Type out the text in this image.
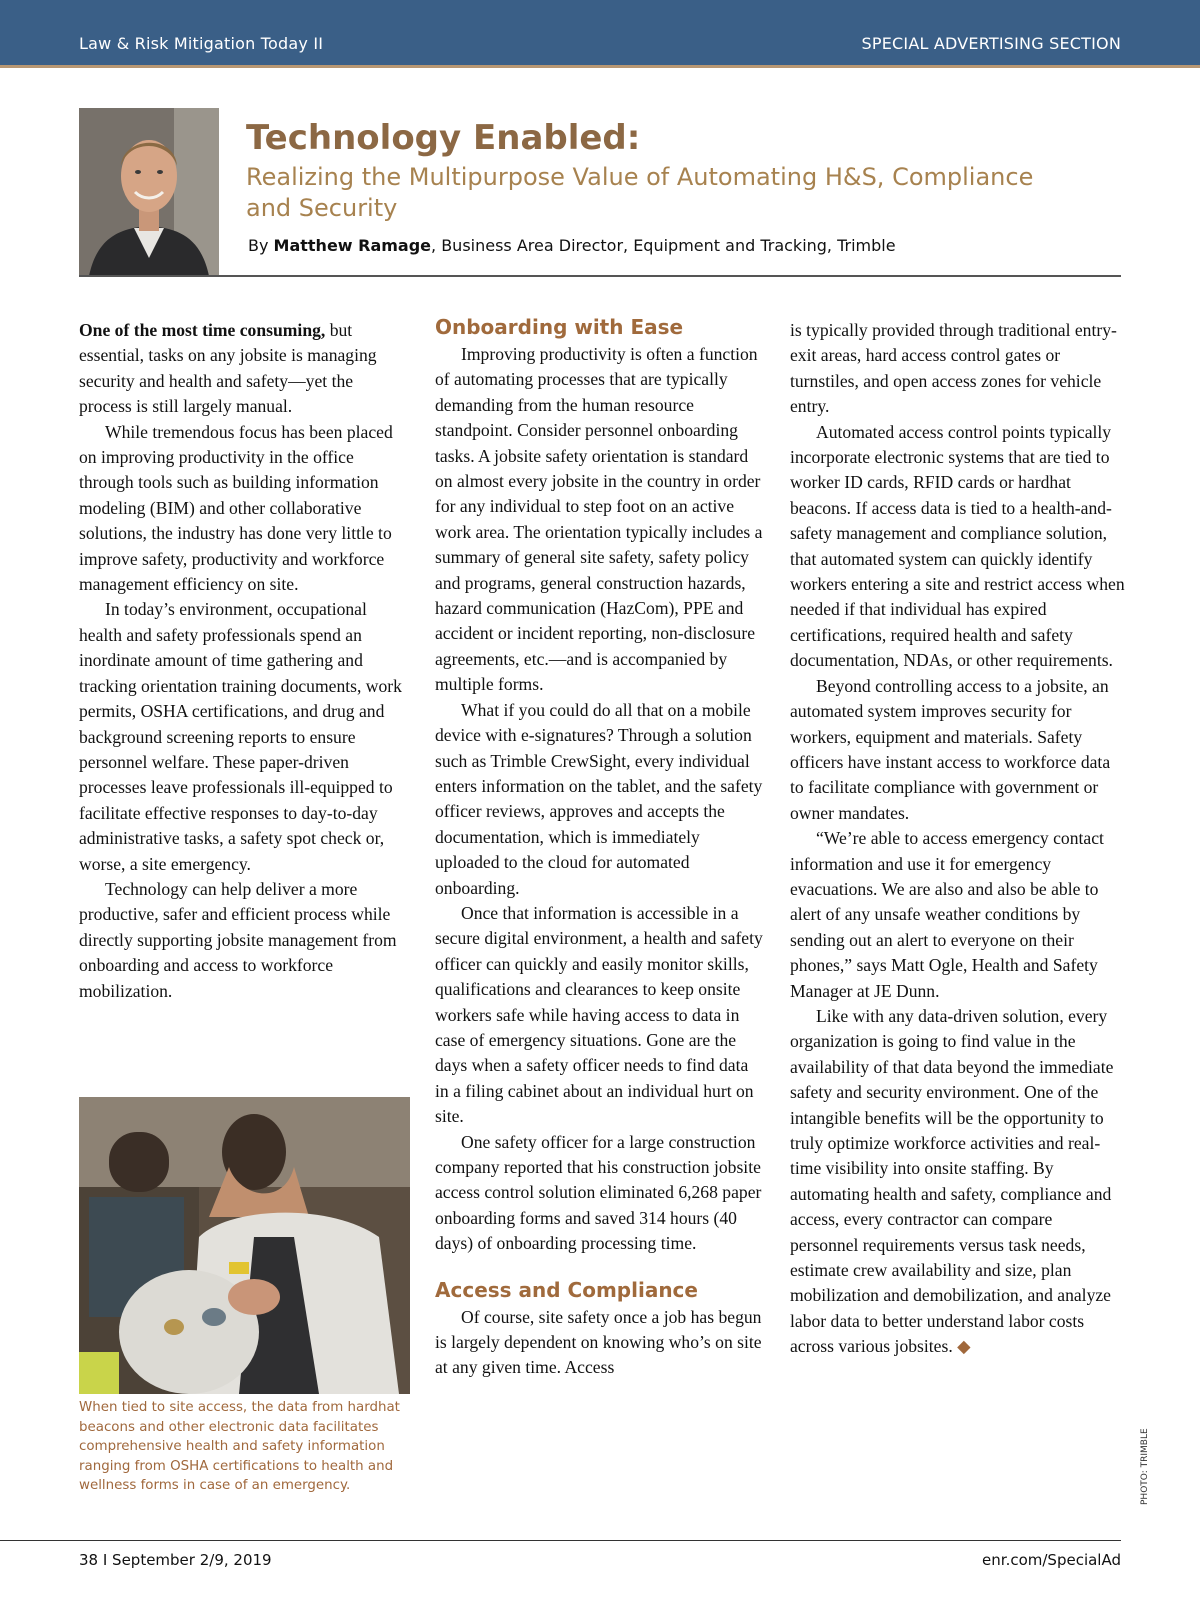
Law & Risk Mitigation Today II	SPECIAL ADVERTISING SECTION
Technology Enabled:

Realizing the Multipurpose Value of Automating H&S, Compliance and Security

By Matthew Ramage, Business Area Director, Equipment and Tracking, Trimble

One of the most time consuming, but essential, tasks on any jobsite is managing security and health and safety—yet the process is still largely manual.

While tremendous focus has been placed on improving productivity in the office through tools such as building information modeling (BIM) and other collaborative solutions, the industry has done very little to improve safety, productivity and workforce management efficiency on site.

In today’s environment, occupational health and safety professionals spend an inordinate amount of time gathering and tracking orientation training documents, work permits, OSHA certifications, and drug and background screening reports to ensure personnel welfare. These paper-driven processes leave professionals ill-equipped to facilitate effective responses to day-to-day administrative tasks, a safety spot check or, worse, a site emergency.

Technology can help deliver a more productive, safer and efficient process while directly supporting jobsite management from onboarding and access to workforce mobilization.

When tied to site access, the data from hardhat beacons and other electronic data facilitates comprehensive health and safety information ranging from OSHA certifications to health and wellness forms in case of an emergency.

Onboarding with Ease

Improving productivity is often a function of automating processes that are typically demanding from the human resource standpoint. Consider personnel onboarding tasks. A jobsite safety orientation is standard on almost every jobsite in the country in order for any individual to step foot on an active work area. The orientation typically includes a summary of general site safety, safety policy and programs, general construction hazards, hazard communication (HazCom), PPE and accident or incident reporting, non-disclosure agreements, etc.—and is accompanied by multiple forms.

What if you could do all that on a mobile device with e-signatures? Through a solution such as Trimble CrewSight, every individual enters information on the tablet, and the safety officer reviews, approves and accepts the documentation, which is immediately uploaded to the cloud for automated onboarding.

Once that information is accessible in a secure digital environment, a health and safety officer can quickly and easily monitor skills, qualifications and clearances to keep onsite workers safe while having access to data in case of emergency situations. Gone are the days when a safety officer needs to find data in a filing cabinet about an individual hurt on site.

One safety officer for a large construction company reported that his construction jobsite access control solution eliminated 6,268 paper onboarding forms and saved 314 hours (40 days) of onboarding processing time.

Access and Compliance

Of course, site safety once a job has begun is largely dependent on knowing who’s on site at any given time. Access

is typically provided through traditional entry-exit areas, hard access control gates or turnstiles, and open access zones for vehicle entry.

Automated access control points typically incorporate electronic systems that are tied to worker ID cards, RFID cards or hardhat beacons. If access data is tied to a health-and-safety management and compliance solution, that automated system can quickly identify workers entering a site and restrict access when needed if that individual has expired certifications, required health and safety documentation, NDAs, or other requirements.

Beyond controlling access to a jobsite, an automated system improves security for workers, equipment and materials. Safety officers have instant access to workforce data to facilitate compliance with government or owner mandates.

“We’re able to access emergency contact information and use it for emergency evacuations. We are also and also be able to alert of any unsafe weather conditions by sending out an alert to everyone on their phones,” says Matt Ogle, Health and Safety Manager at JE Dunn.

Like with any data-driven solution, every organization is going to find value in the availability of that data beyond the immediate safety and security environment. One of the intangible benefits will be the opportunity to truly optimize workforce activities and real-time visibility into onsite staffing. By automating health and safety, compliance and access, every contractor can compare personnel requirements versus task needs, estimate crew availability and size, plan mobilization and demobilization, and analyze labor data to better understand labor costs across various jobsites. ◆

PHOTO: TRIMBLE
38 I September 2/9, 2019	enr.com/SpecialAd
